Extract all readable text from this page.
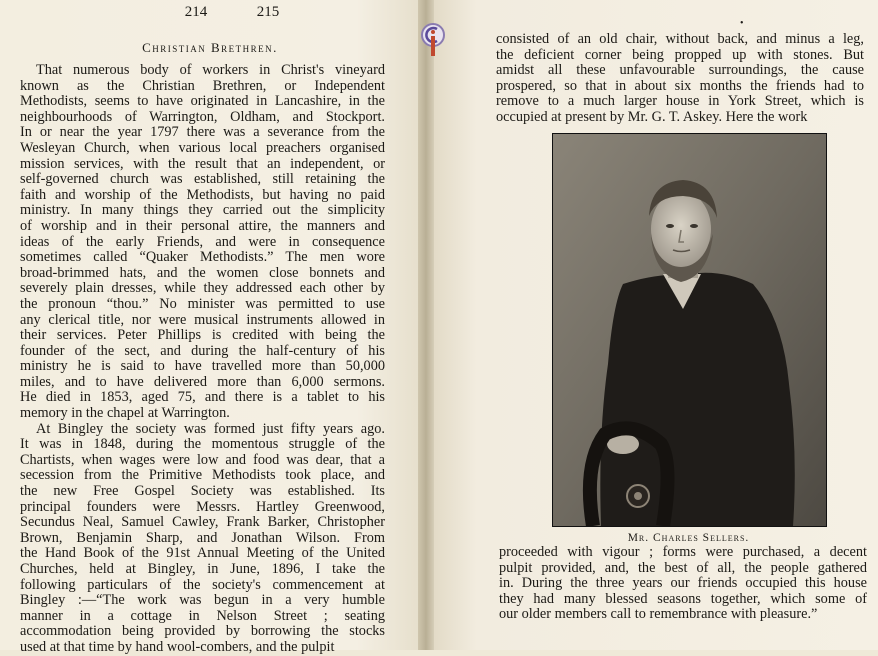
214	215
•
Christian Brethren.
That numerous body of workers in Christ's vineyard
known as the Christian Brethren, or Independent
Methodists, seems to have originated in Lancashire, in the
neighbourhoods of Warrington, Oldham, and Stockport.
In or near the year 1797 there was a severance from the
Wesleyan Church, when various local preachers organised
mission services, with the result that an independent, or
self-governed church was established, still retaining the
faith and worship of the Methodists, but having no paid
ministry. In many things they carried out the simplicity
of worship and in their personal attire, the manners and
ideas of the early Friends, and were in consequence
sometimes called “Quaker Methodists.” The men wore
broad-brimmed hats, and the women close bonnets and
severely plain dresses, while they addressed each other by
the pronoun “thou.” No minister was permitted to use
any clerical title, nor were musical instruments allowed in
their services. Peter Phillips is credited with being the
founder of the sect, and during the half-century of his
ministry he is said to have travelled more than 50,000
miles, and to have delivered more than 6,000 sermons.
He died in 1853, aged 75, and there is a tablet to his
memory in the chapel at Warrington.
At Bingley the society was formed just fifty years ago.
It was in 1848, during the momentous struggle of the
Chartists, when wages were low and food was dear, that a
secession from the Primitive Methodists took place, and
the new Free Gospel Society was established. Its
principal founders were Messrs. Hartley Greenwood,
Secundus Neal, Samuel Cawley, Frank Barker, Christopher
Brown, Benjamin Sharp, and Jonathan Wilson. From
the Hand Book of the 91st Annual Meeting of the United
Churches, held at Bingley, in June, 1896, I take the
following particulars of the society's commencement at
Bingley :—“The work was begun in a very humble
manner in a cottage in Nelson Street ; seating
accommodation being provided by borrowing the stocks
used at that time by hand wool-combers, and the pulpit
consisted of an old chair, without back, and minus a leg,
the deficient corner being propped up with stones. But
amidst all these unfavourable surroundings, the cause
prospered, so that in about six months the friends had to
remove to a much larger house in York Street, which is
occupied at present by Mr. G. T. Askey. Here the work
Mr. Charles Sellers.
proceeded with vigour ; forms were purchased, a decent
pulpit provided, and, the best of all, the people gathered
in. During the three years our friends occupied this house
they had many blessed seasons together, which some of
our older members call to remembrance with pleasure.”
